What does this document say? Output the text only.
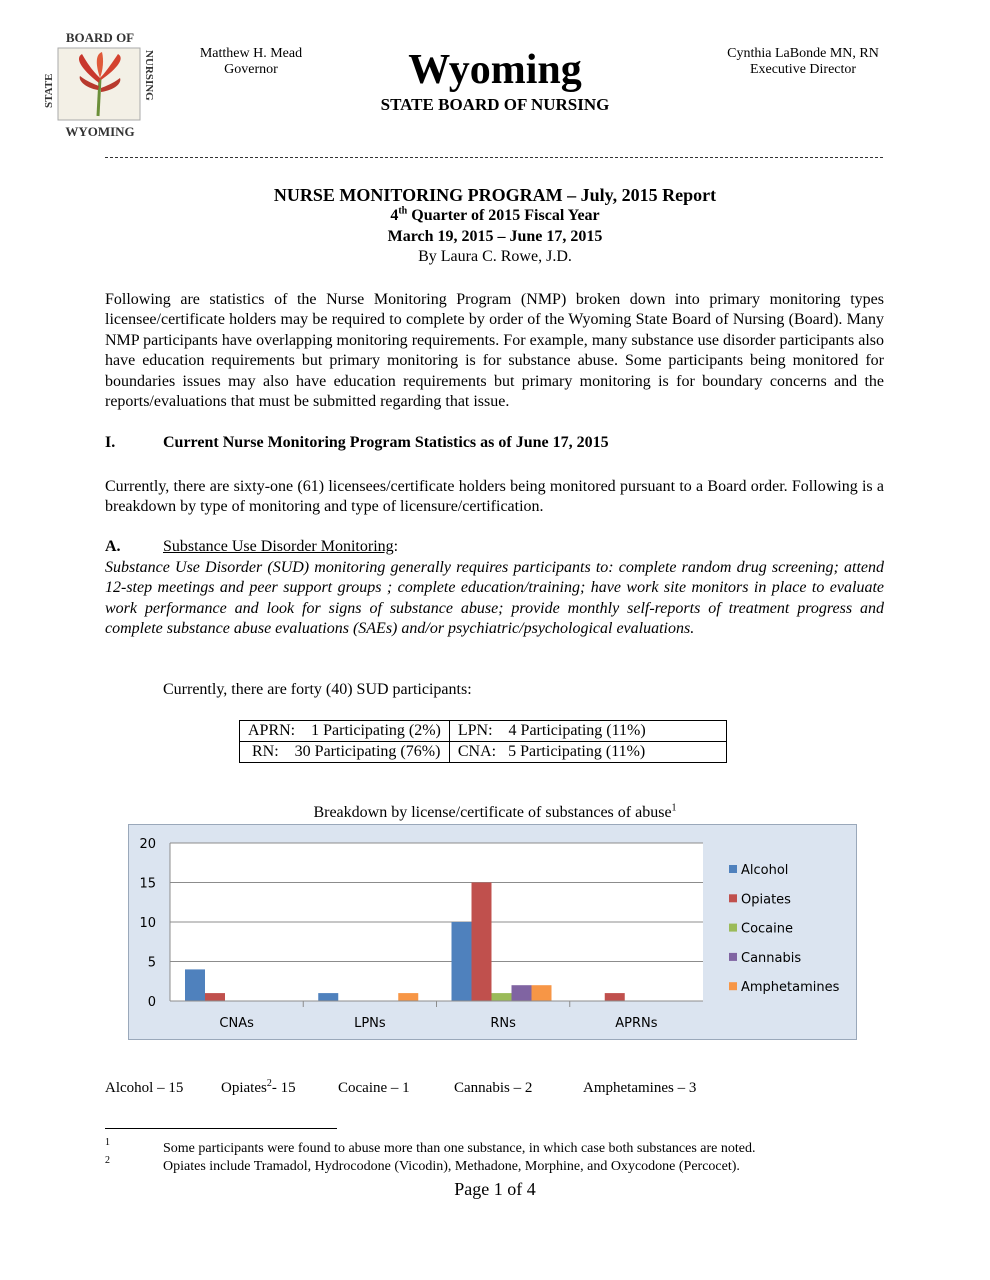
BOARD OF
WYOMING
STATE	NURSING	Matthew H. Mead
Governor	Wyoming
STATE BOARD OF NURSING
Cynthia LaBonde MN, RN
Executive Director
NURSE MONITORING PROGRAM – July, 2015 Report
4th Quarter of 2015 Fiscal Year
March 19, 2015 – June 17, 2015
By Laura C. Rowe, J.D.
Following are statistics of the Nurse Monitoring Program (NMP) broken down into primary monitoring types licensee/certificate holders may be required to complete by order of the Wyoming State Board of Nursing (Board). Many NMP participants have overlapping monitoring requirements. For example, many substance use disorder participants also have education requirements but primary monitoring is for substance abuse. Some participants being monitored for boundaries issues may also have education requirements but primary monitoring is for boundary concerns and the reports/evaluations that must be submitted regarding that issue.
I.	Current Nurse Monitoring Program Statistics as of June 17, 2015
Currently, there are sixty-one (61) licensees/certificate holders being monitored pursuant to a Board order. Following is a breakdown by type of monitoring and type of licensure/certification.
A.	Substance Use Disorder Monitoring:
Substance Use Disorder (SUD) monitoring generally requires participants to: complete random drug screening; attend 12-step meetings and peer support groups ; complete education/training; have work site monitors in place to evaluate work performance and look for signs of substance abuse; provide monthly self-reports of treatment progress and complete substance abuse evaluations (SAEs) and/or psychiatric/psychological evaluations.
Currently, there are forty (40) SUD participants:
APRN:    1 Participating (2%)	LPN:    4 Participating (11%)
RN:    30 Participating (76%)	CNA:   5 Participating (11%)
Breakdown by license/certificate of substances of abuse$^1$
0
5
10
15
20
CNAs	LPNs	RNs	APRNs
Alcohol
Opiates
Cocaine
Cannabis
Amphetamines
Alcohol – 15	Opiates$^2$- 15	Cocaine – 1	Cannabis – 2	Amphetamines – 3
1	Some participants were found to abuse more than one substance, in which case both substances are noted.
2	Opiates include Tramadol, Hydrocodone (Vicodin), Methadone, Morphine, and Oxycodone (Percocet).
Page 1 of 4
